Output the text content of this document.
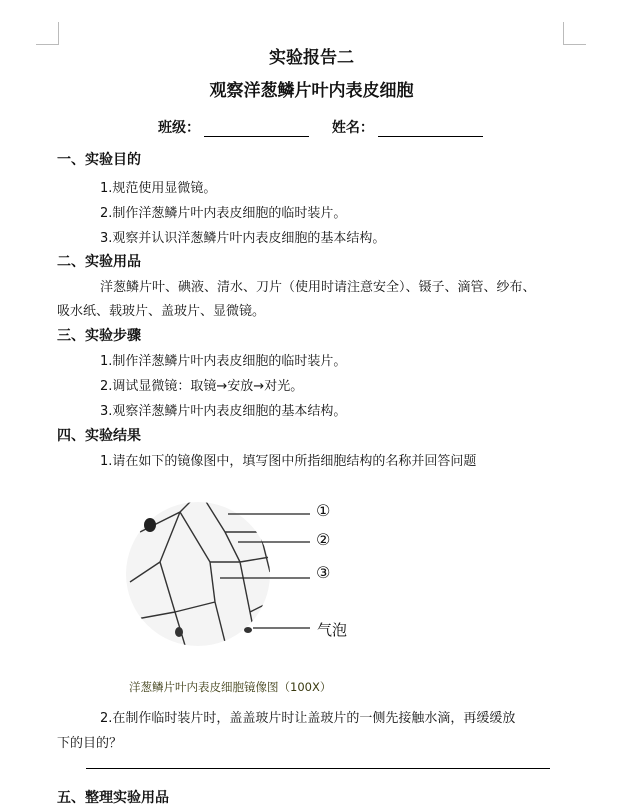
实验报告二
观察洋葱鳞片叶内表皮细胞
班级：	姓名：
一、实验目的
1.规范使用显微镜。
2.制作洋葱鳞片叶内表皮细胞的临时装片。
3.观察并认识洋葱鳞片叶内表皮细胞的基本结构。
二、实验用品
洋葱鳞片叶、碘液、清水、刀片（使用时请注意安全）、镊子、滴管、纱布、
吸水纸、载玻片、盖玻片、显微镜。
三、实验步骤
1.制作洋葱鳞片叶内表皮细胞的临时装片。
2.调试显微镜：取镜→安放→对光。
3.观察洋葱鳞片叶内表皮细胞的基本结构。
四、实验结果
1.请在如下的镜像图中，填写图中所指细胞结构的名称并回答问题
①
②
③
气泡
洋葱鳞片叶内表皮细胞镜像图（100X）
2.在制作临时装片时，盖盖玻片时让盖玻片的一侧先接触水滴，再缓缓放
下的目的？
五、整理实验用品
